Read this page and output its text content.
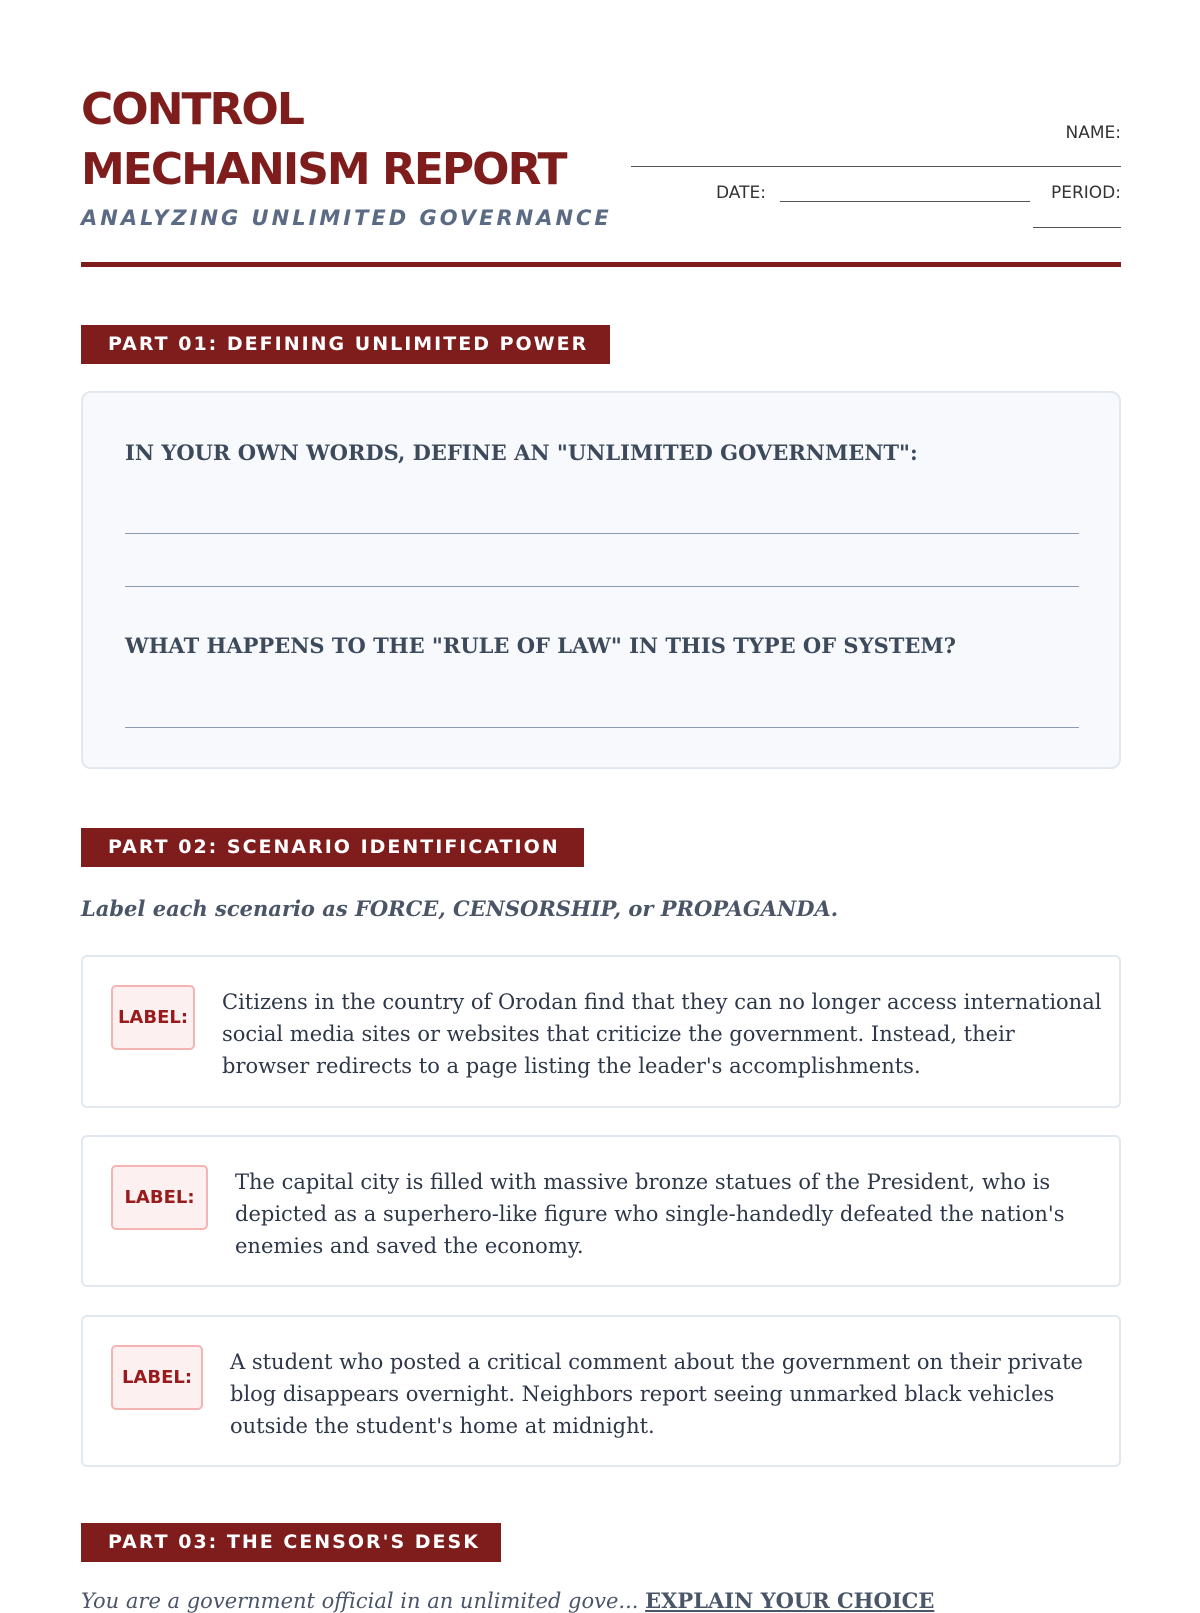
CONTROL
MECHANISM REPORT
ANALYZING UNLIMITED GOVERNANCE
NAME:
DATE:	PERIOD:
PART 01: DEFINING UNLIMITED POWER
IN YOUR OWN WORDS, DEFINE AN "UNLIMITED GOVERNMENT":
WHAT HAPPENS TO THE "RULE OF LAW" IN THIS TYPE OF SYSTEM?
PART 02: SCENARIO IDENTIFICATION
Label each scenario as FORCE, CENSORSHIP, or PROPAGANDA.
LABEL:
Citizens in the country of Orodan find that they can no longer access international social media sites or websites that criticize the government. Instead, their browser redirects to a page listing the leader's accomplishments.
LABEL:
The capital city is filled with massive bronze statues of the President, who is depicted as a superhero-like figure who single-handedly defeated the nation's enemies and saved the economy.
LABEL:
A student who posted a critical comment about the government on their private blog disappears overnight. Neighbors report seeing unmarked black vehicles outside the student's home at midnight.
PART 03: THE CENSOR'S DESK
You are a government official in an unlimited gove... EXPLAIN YOUR CHOICE
